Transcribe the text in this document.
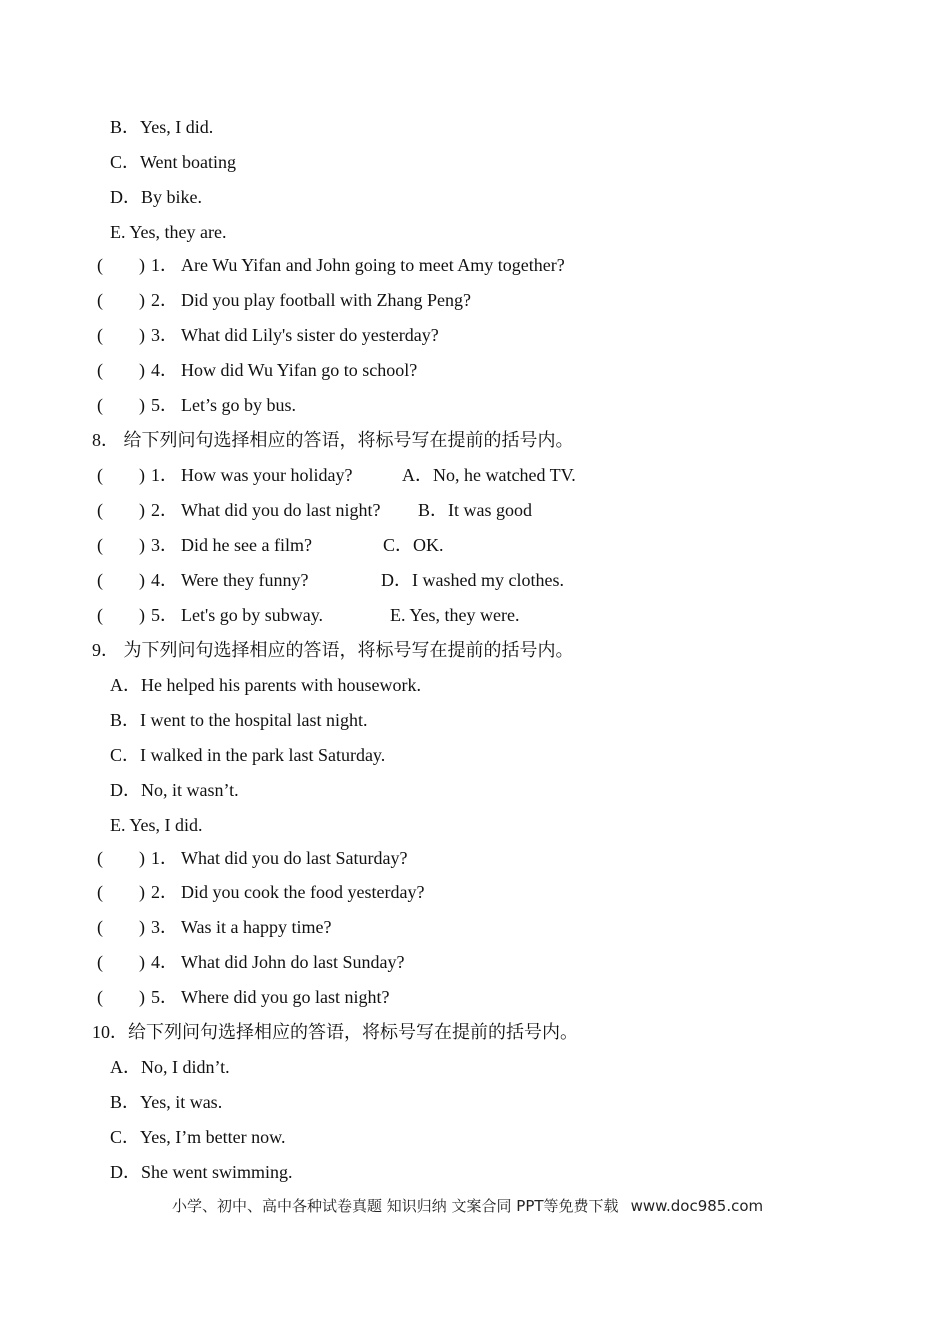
B．Yes, I did.
C．Went boating
D．By bike.
E. Yes, they are.
(　　) 1． Are Wu Yifan and John going to meet Amy together?
(　　) 2． Did you play football with Zhang Peng?
(　　) 3． What did Lily's sister do yesterday?
(　　) 4． How did Wu Yifan go to school?
(　　) 5． Let’s go by bus.
8． 给下列问句选择相应的答语，将标号写在提前的括号内。
(　　) 1． How was your holiday?	A．No, he watched TV.
(　　) 2． What did you do last night? B．It was good
(　　) 3． Did he see a film?	C．OK.
(　　) 4． Were they funny?	D．I washed my clothes.
(　　) 5． Let's go by subway.	E. Yes, they were.
9． 为下列问句选择相应的答语，将标号写在提前的括号内。
A．He helped his parents with housework.
B．I went to the hospital last night.
C．I walked in the park last Saturday.
D．No, it wasn’t.
E. Yes, I did.
(　　) 1． What did you do last Saturday?
(　　) 2． Did you cook the food yesterday?
(　　) 3． Was it a happy time?
(　　) 4． What did John do last Sunday?
(　　) 5． Where did you go last night?
10．给下列问句选择相应的答语，将标号写在提前的括号内。
A．No, I didn’t.
B．Yes, it was.
C．Yes, I’m better now.
D．She went swimming.
小学、初中、高中各种试卷真题 知识归纳 文案合同 PPT等免费下载 www.doc985.com
